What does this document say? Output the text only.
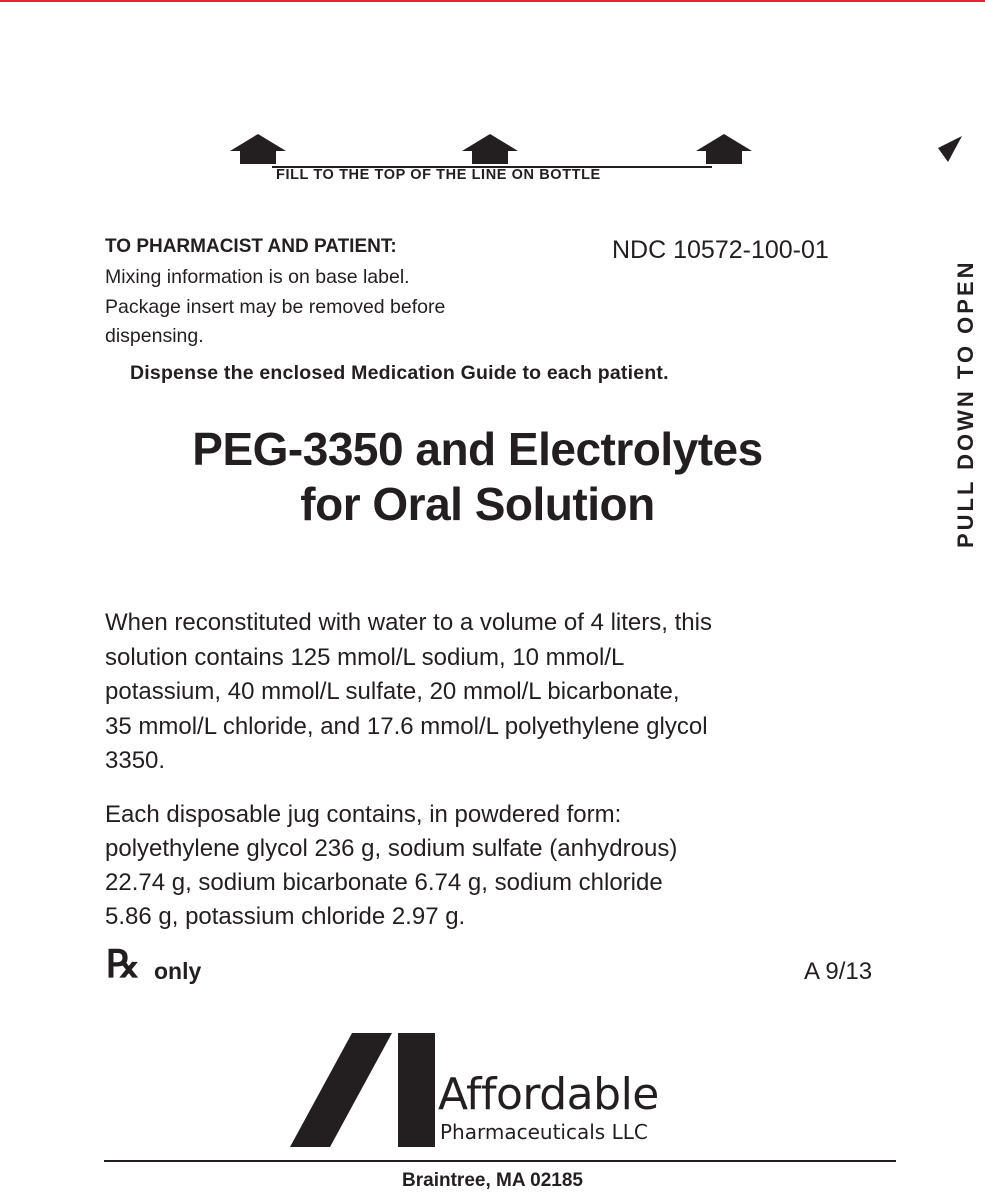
FILL TO THE TOP OF THE LINE ON BOTTLE
PULL DOWN TO OPEN
TO PHARMACIST AND PATIENT:
Mixing information is on base label.
Package insert may be removed before
dispensing.
NDC 10572-100-01
Dispense the enclosed Medication Guide to each patient.
PEG-3350 and Electrolytes
for Oral Solution
When reconstituted with water to a volume of 4 liters, this
solution contains 125 mmol/L sodium, 10 mmol/L
potassium, 40 mmol/L sulfate, 20 mmol/L bicarbonate,
35 mmol/L chloride, and 17.6 mmol/L polyethylene glycol
3350.
Each disposable jug contains, in powdered form:
polyethylene glycol 236 g, sodium sulfate (anhydrous)
22.74 g, sodium bicarbonate 6.74 g, sodium chloride
5.86 g, potassium chloride 2.97 g.
℞ only	A 9/13
Affordable
Pharmaceuticals LLC
Braintree, MA 02185
